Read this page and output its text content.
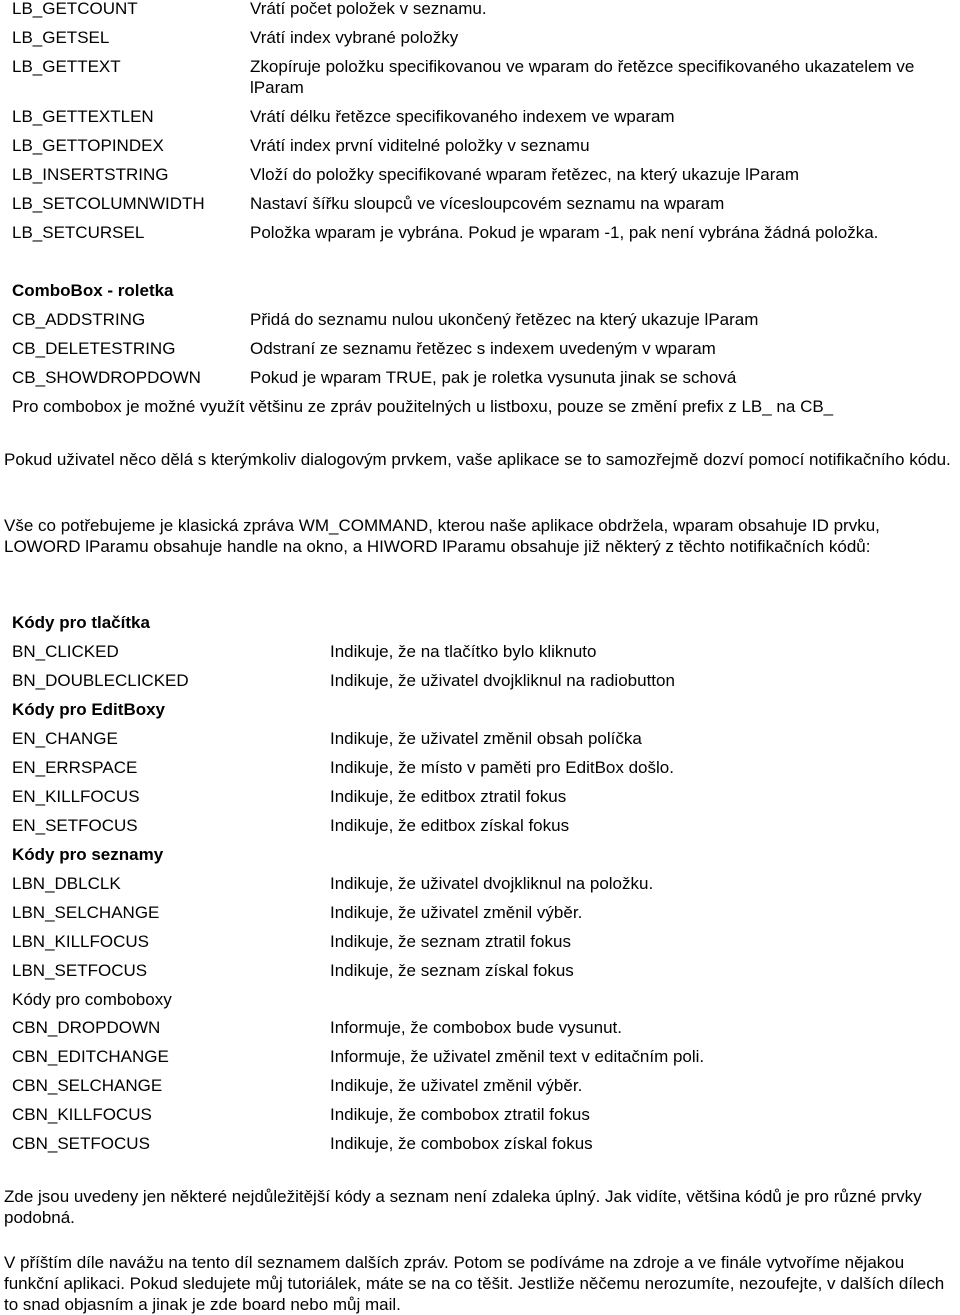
LB_GETCOUNT	Vrátí počet položek v seznamu.
LB_GETSEL	Vrátí index vybrané položky
LB_GETTEXT	Zkopíruje položku specifikovanou ve wparam do řetězce specifikovaného ukazatelem ve lParam
LB_GETTEXTLEN	Vrátí délku řetězce specifikovaného indexem ve wparam
LB_GETTOPINDEX	Vrátí index první viditelné položky v seznamu
LB_INSERTSTRING	Vloží do položky specifikované wparam řetězec, na který ukazuje lParam
LB_SETCOLUMNWIDTH	Nastaví šířku sloupců ve vícesloupcovém seznamu na wparam
LB_SETCURSEL	Položka wparam je vybrána. Pokud je wparam -1, pak není vybrána žádná položka.
ComboBox - roletka
CB_ADDSTRING	Přidá do seznamu nulou ukončený řetězec na který ukazuje lParam
CB_DELETESTRING	Odstraní ze seznamu řetězec s indexem uvedeným v wparam
CB_SHOWDROPDOWN	Pokud je wparam TRUE, pak je roletka vysunuta jinak se schová
Pro combobox je možné využít většinu ze zpráv použitelných u listboxu, pouze se změní prefix z LB_ na CB_
Pokud uživatel něco dělá s kterýmkoliv dialogovým prvkem, vaše aplikace se to samozřejmě dozví pomocí notifikačního kódu.
Vše co potřebujeme je klasická zpráva WM_COMMAND, kterou naše aplikace obdržela, wparam obsahuje ID prvku, LOWORD lParamu obsahuje handle na okno, a HIWORD lParamu obsahuje již některý z těchto notifikačních kódů:
Kódy pro tlačítka
BN_CLICKED	Indikuje, že na tlačítko bylo kliknuto
BN_DOUBLECLICKED	Indikuje, že uživatel dvojkliknul na radiobutton
Kódy pro EditBoxy
EN_CHANGE	Indikuje, že uživatel změnil obsah políčka
EN_ERRSPACE	Indikuje, že místo v paměti pro EditBox došlo.
EN_KILLFOCUS	Indikuje, že editbox ztratil fokus
EN_SETFOCUS	Indikuje, že editbox získal fokus
Kódy pro seznamy
LBN_DBLCLK	Indikuje, že uživatel dvojkliknul na položku.
LBN_SELCHANGE	Indikuje, že uživatel změnil výběr.
LBN_KILLFOCUS	Indikuje, že seznam ztratil fokus
LBN_SETFOCUS	Indikuje, že seznam získal fokus
Kódy pro comboboxy
CBN_DROPDOWN	Informuje, že combobox bude vysunut.
CBN_EDITCHANGE	Informuje, že uživatel změnil text v editačním poli.
CBN_SELCHANGE	Indikuje, že uživatel změnil výběr.
CBN_KILLFOCUS	Indikuje, že combobox ztratil fokus
CBN_SETFOCUS	Indikuje, že combobox získal fokus
Zde jsou uvedeny jen některé nejdůležitější kódy a seznam není zdaleka úplný. Jak vidíte, většina kódů je pro různé prvky podobná.
V příštím díle navážu na tento díl seznamem dalších zpráv. Potom se podíváme na zdroje a ve finále vytvoříme nějakou funkční aplikaci. Pokud sledujete můj tutoriálek, máte se na co těšit. Jestliže něčemu nerozumíte, nezoufejte, v dalších dílech to snad objasním a jinak je zde board nebo můj mail.
